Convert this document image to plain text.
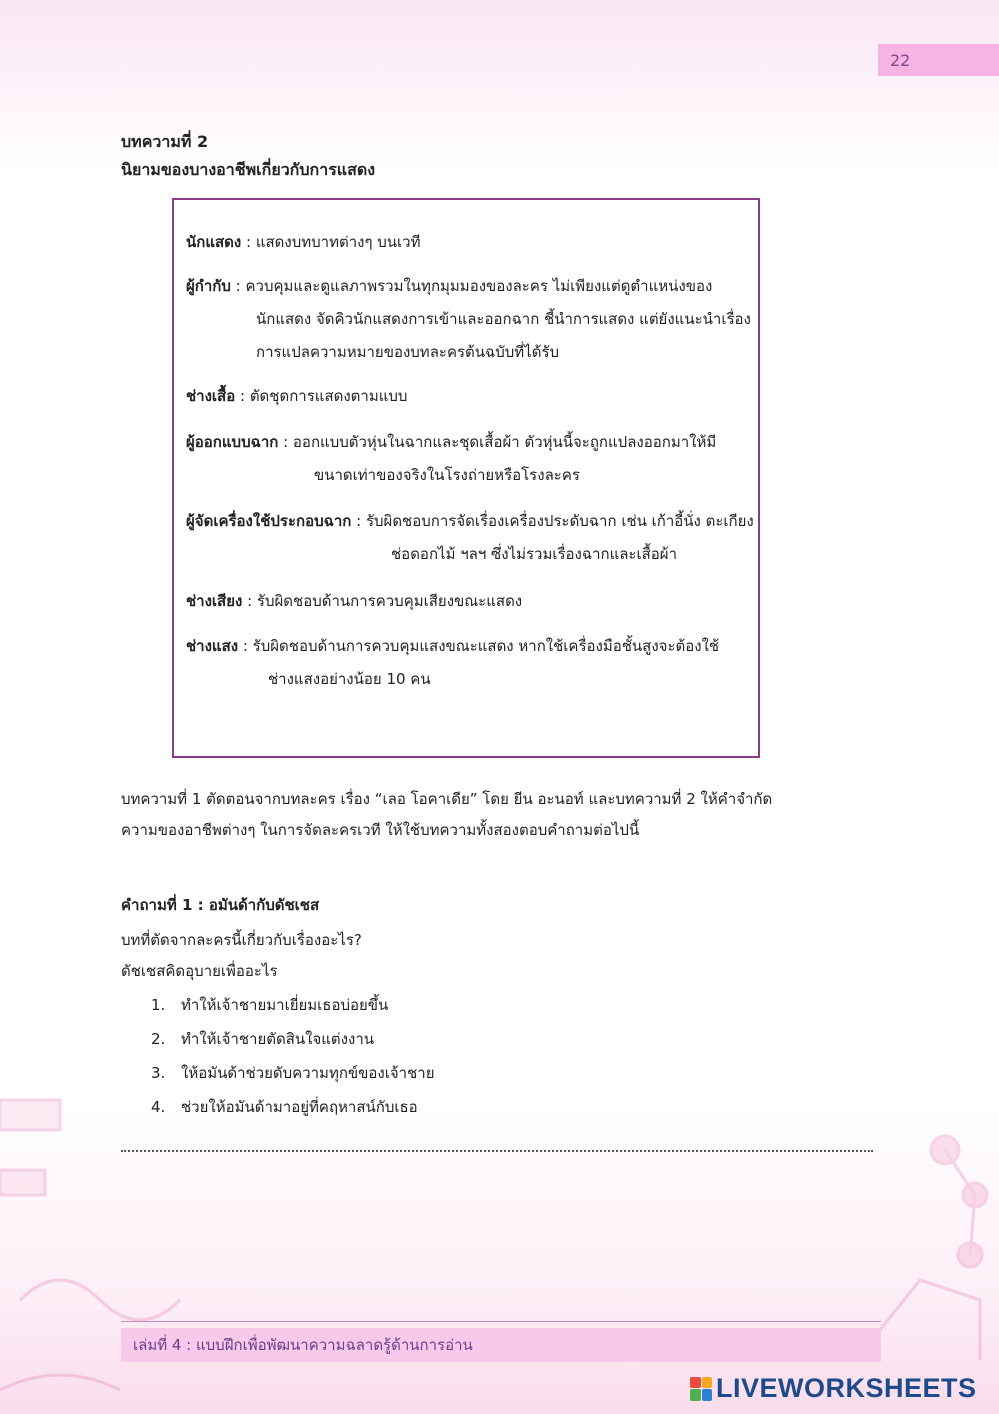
22
บทความที่ 2
นิยามของบางอาชีพเกี่ยวกับการแสดง
นักแสดง : แสดงบทบาทต่างๆ บนเวที
ผู้กำกับ : ควบคุมและดูแลภาพรวมในทุกมุมมองของละคร ไม่เพียงแต่ดูตำแหน่งของ
นักแสดง จัดคิวนักแสดงการเข้าและออกฉาก ชี้นำการแสดง แต่ยังแนะนำเรื่อง
การแปลความหมายของบทละครต้นฉบับที่ได้รับ
ช่างเสื้อ : ตัดชุดการแสดงตามแบบ
ผู้ออกแบบฉาก : ออกแบบตัวหุ่นในฉากและชุดเสื้อผ้า ตัวหุ่นนี้จะถูกแปลงออกมาให้มี
ขนาดเท่าของจริงในโรงถ่ายหรือโรงละคร
ผู้จัดเครื่องใช้ประกอบฉาก : รับผิดชอบการจัดเรื่องเครื่องประดับฉาก เช่น เก้าอี้นั่ง ตะเกียง
ช่อดอกไม้ ฯลฯ ซึ่งไม่รวมเรื่องฉากและเสื้อผ้า
ช่างเสียง : รับผิดชอบด้านการควบคุมเสียงขณะแสดง
ช่างแสง : รับผิดชอบด้านการควบคุมแสงขณะแสดง หากใช้เครื่องมือชั้นสูงจะต้องใช้
ช่างแสงอย่างน้อย 10 คน
บทความที่ 1 ตัดตอนจากบทละคร เรื่อง “เลอ โอคาเดีย” โดย ยีน อะนอท์ และบทความที่ 2 ให้คำจำกัด
ความของอาชีพต่างๆ ในการจัดละครเวที ให้ใช้บทความทั้งสองตอบคำถามต่อไปนี้
คำถามที่ 1 : อมันด้ากับดัชเชส
บทที่ตัดจากละครนี้เกี่ยวกับเรื่องอะไร?
ดัชเชสคิดอุบายเพื่ออะไร
1. ทำให้เจ้าชายมาเยี่ยมเธอบ่อยขึ้น
2. ทำให้เจ้าชายตัดสินใจแต่งงาน
3. ให้อมันด้าช่วยดับความทุกข์ของเจ้าชาย
4. ช่วยให้อมันด้ามาอยู่ที่คฤหาสน์กับเธอ
เล่มที่ 4 : แบบฝึกเพื่อพัฒนาความฉลาดรู้ด้านการอ่าน
LIVEWORKSHEETS
